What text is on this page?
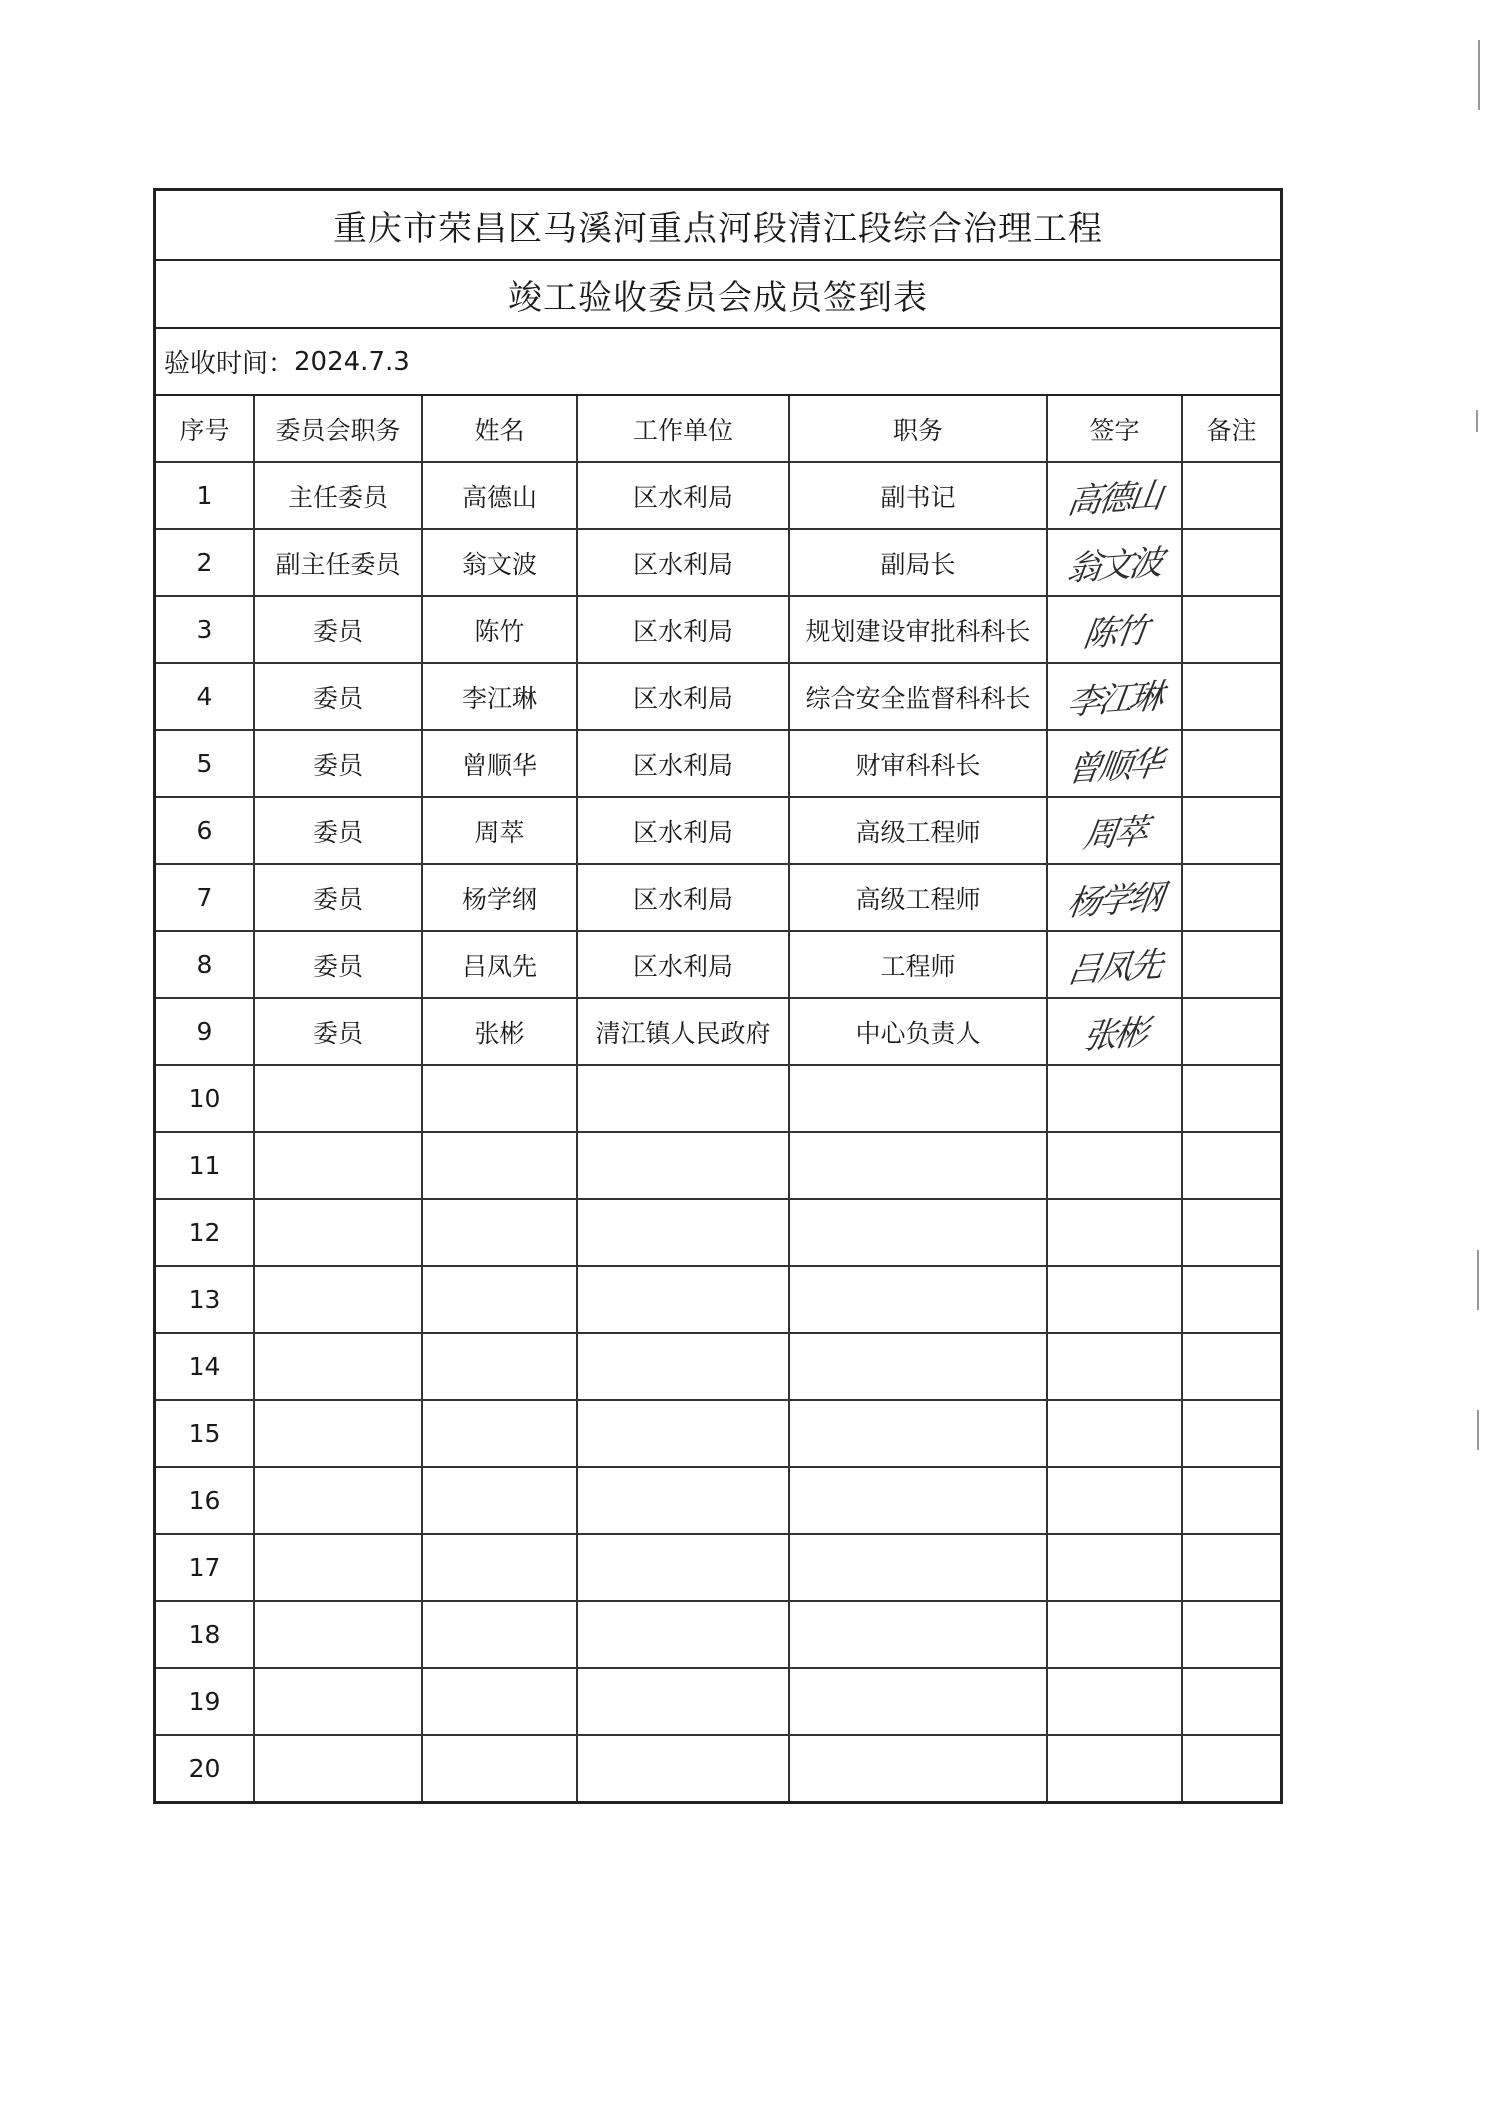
重庆市荣昌区马溪河重点河段清江段综合治理工程
竣工验收委员会成员签到表
验收时间： 2024.7.3
序号	委员会职务	姓名	工作单位	职务	签字	备注
1	主任委员	高德山	区水利局	副书记	高德山	
2	副主任委员	翁文波	区水利局	副局长	翁文波	
3	委员	陈竹	区水利局	规划建设审批科科长	陈竹	
4	委员	李江琳	区水利局	综合安全监督科科长	李江琳	
5	委员	曾顺华	区水利局	财审科科长	曾顺华	
6	委员	周萃	区水利局	高级工程师	周萃	
7	委员	杨学纲	区水利局	高级工程师	杨学纲	
8	委员	吕凤先	区水利局	工程师	吕凤先	
9	委员	张彬	清江镇人民政府	中心负责人	张彬	
10						
11						
12						
13						
14						
15						
16						
17						
18						
19						
20						
